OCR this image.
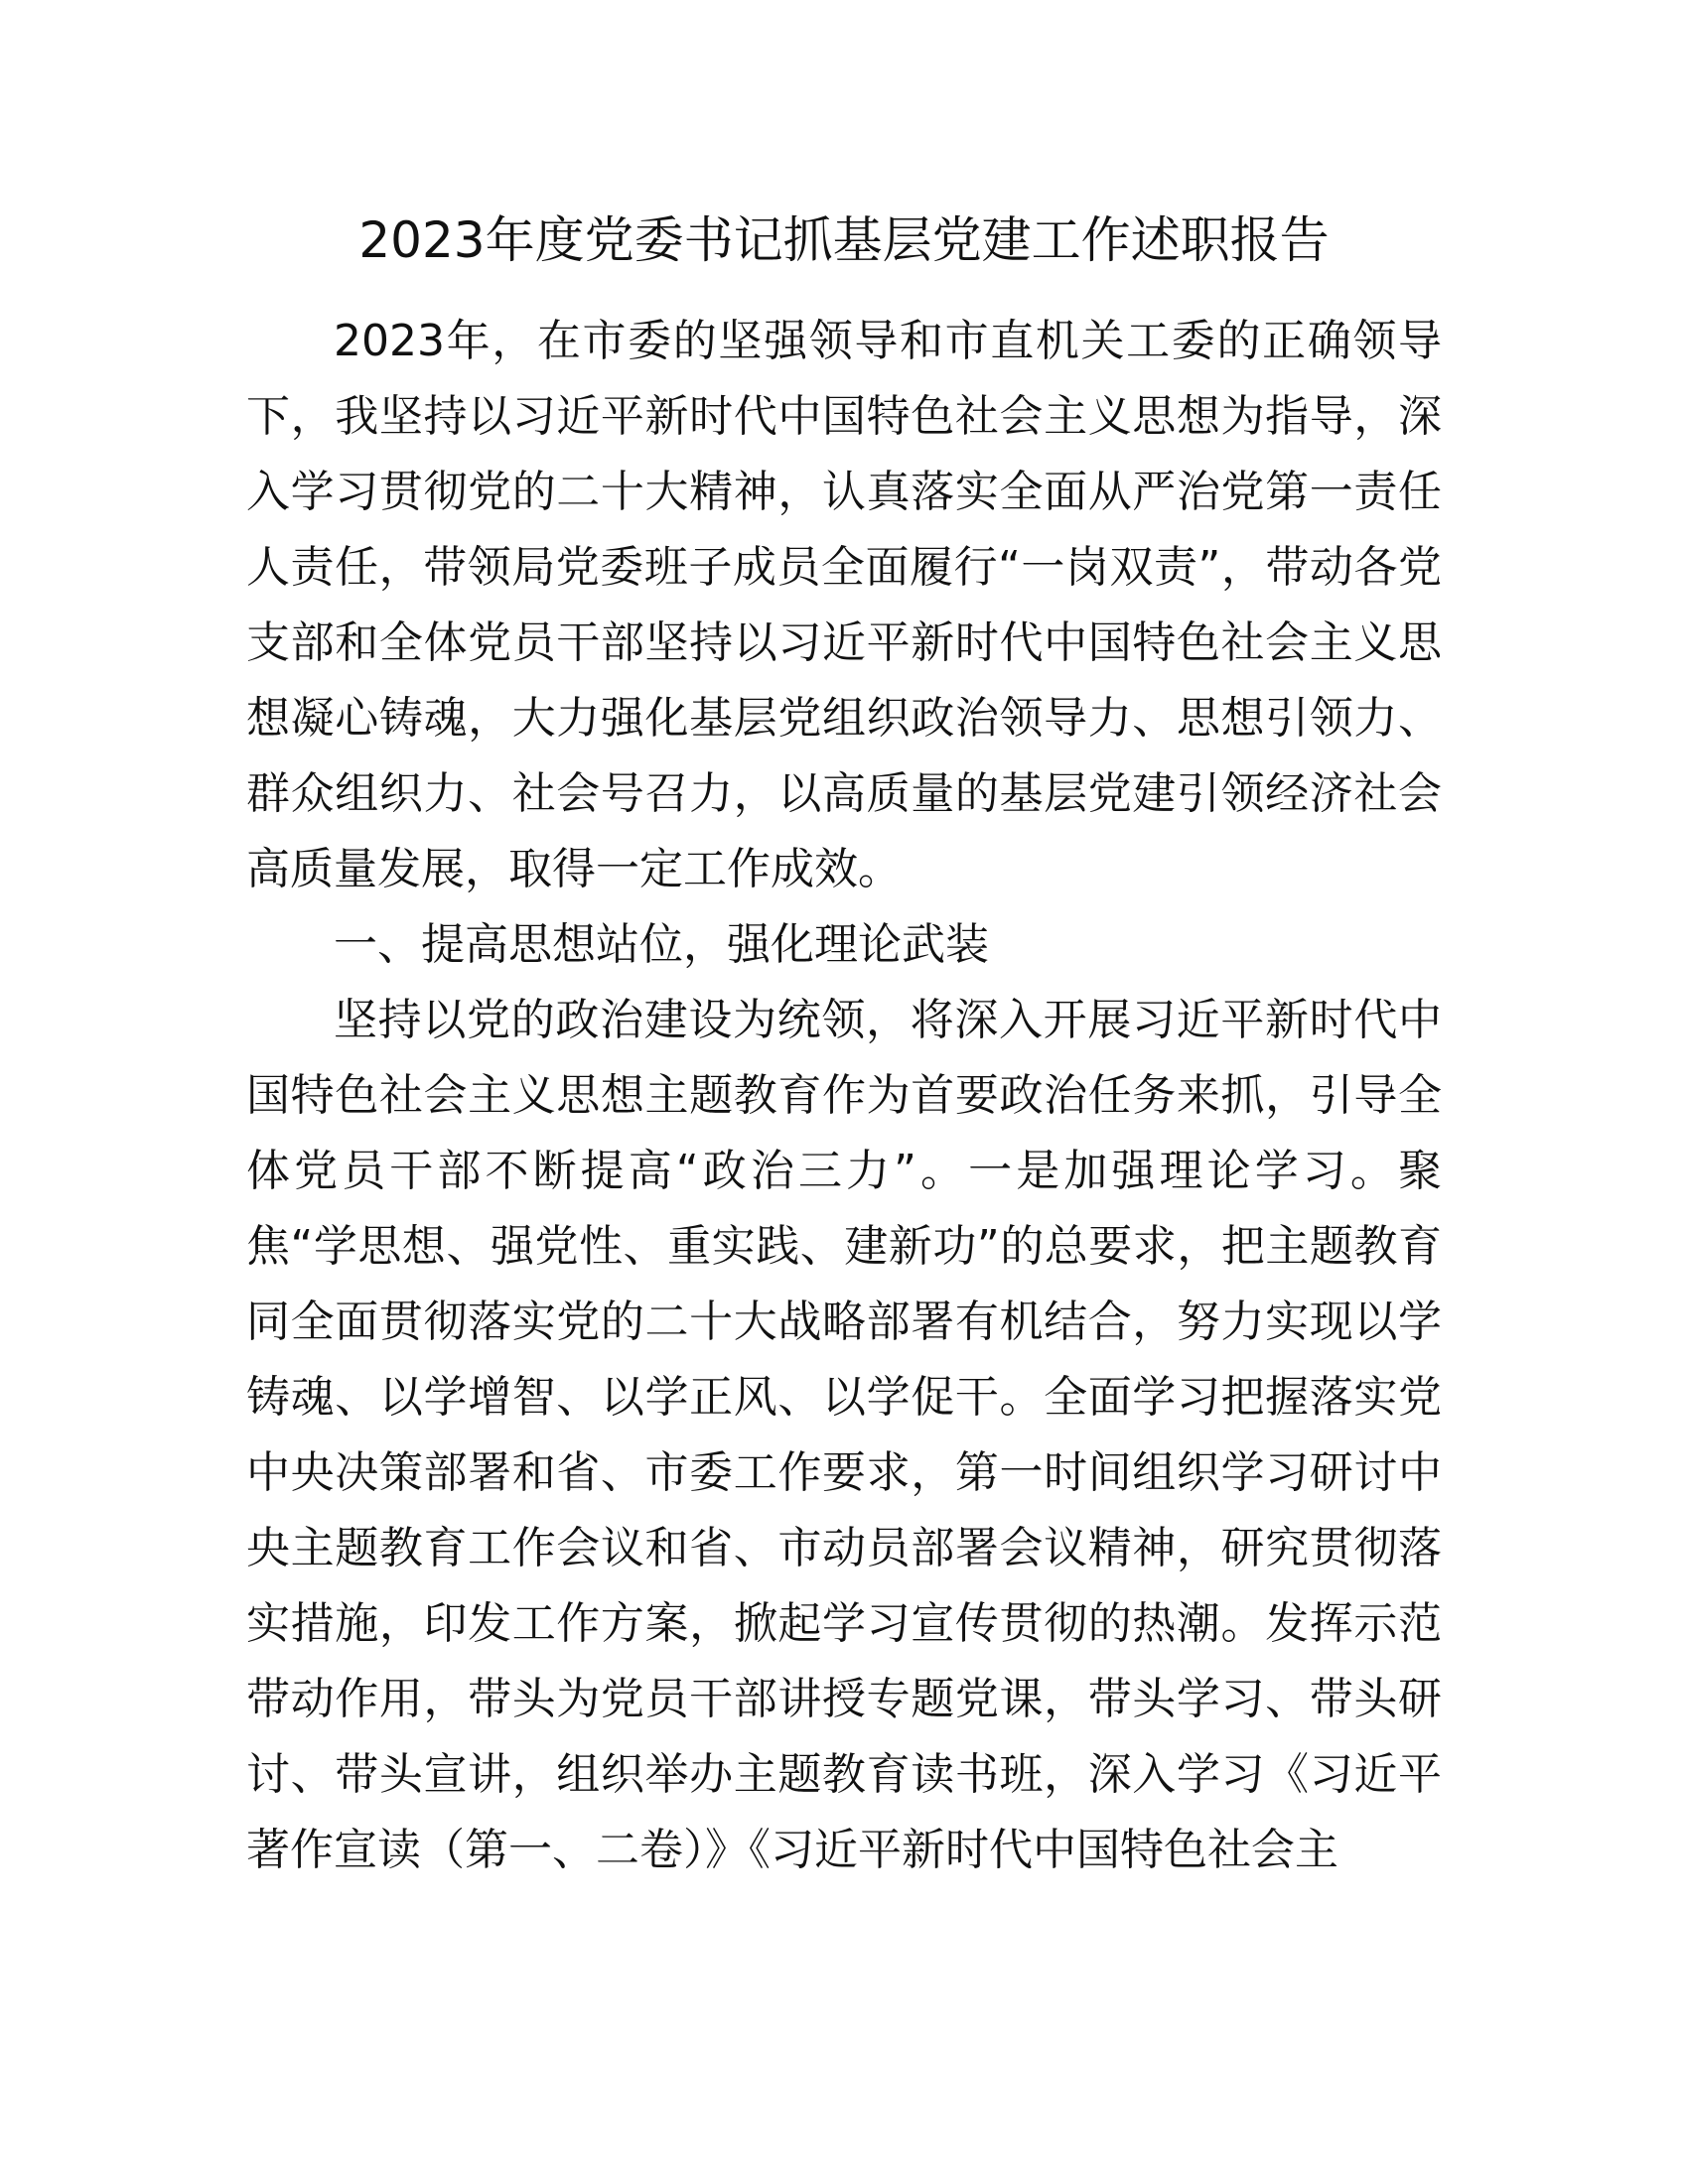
2023年度党委书记抓基层党建工作述职报告

2023年，在市委的坚强领导和市直机关工委的正确领导下，我坚持以习近平新时代中国特色社会主义思想为指导，深入学习贯彻党的二十大精神，认真落实全面从严治党第一责任人责任，带领局党委班子成员全面履行“一岗双责”，带动各党支部和全体党员干部坚持以习近平新时代中国特色社会主义思想凝心铸魂，大力强化基层党组织政治领导力、思想引领力、群众组织力、社会号召力，以高质量的基层党建引领经济社会高质量发展，取得一定工作成效。

一、提高思想站位，强化理论武装

坚持以党的政治建设为统领，将深入开展习近平新时代中国特色社会主义思想主题教育作为首要政治任务来抓，引导全体党员干部不断提高“政治三力”。一是加强理论学习。聚焦“学思想、强党性、重实践、建新功”的总要求，把主题教育同全面贯彻落实党的二十大战略部署有机结合，努力实现以学铸魂、以学增智、以学正风、以学促干。全面学习把握落实党中央决策部署和省、市委工作要求，第一时间组织学习研讨中央主题教育工作会议和省、市动员部署会议精神，研究贯彻落实措施，印发工作方案，掀起学习宣传贯彻的热潮。发挥示范带动作用，带头为党员干部讲授专题党课，带头学习、带头研讨、带头宣讲，组织举办主题教育读书班，深入学习《习近平著作宣读（第一、二卷）》《习近平新时代中国特色社会主
